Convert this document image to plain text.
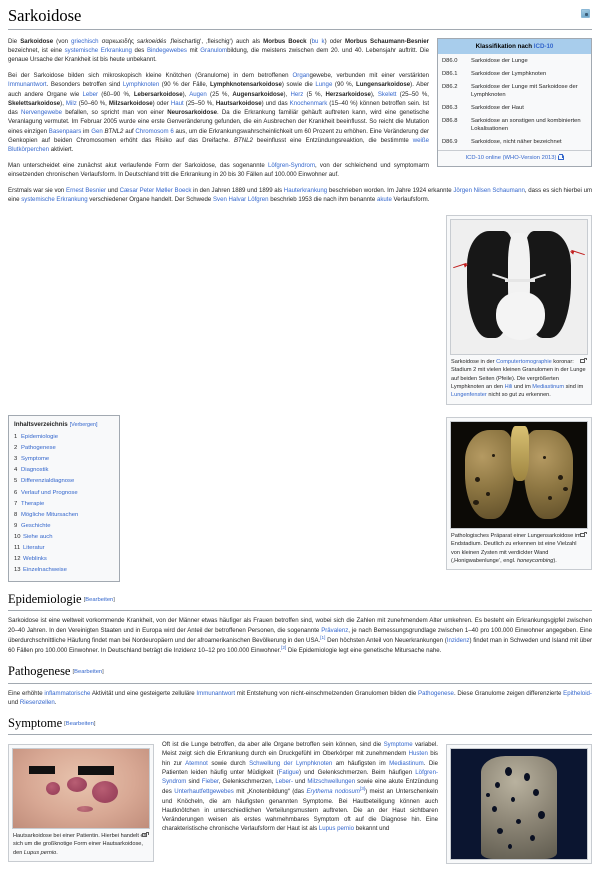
Sarkoidose
Klassifikation nach ICD-10
D86.0	Sarkoidose der Lunge
D86.1	Sarkoidose der Lymphknoten
D86.2	Sarkoidose der Lunge mit Sarkoidose der Lymphknoten
D86.3	Sarkoidose der Haut
D86.8	Sarkoidose an sonstigen und kombinierten Lokalisationen
D86.9	Sarkoidose, nicht näher bezeichnet
ICD-10 online (WHO-Version 2013)

Die Sarkoidose (von griechisch σαρκωειδής sarkoeidés ‚fleischartig‘, ‚fleischig‘) auch als Morbus Boeck (bu k) oder Morbus Schaumann-Besnier bezeichnet, ist eine systemische Erkrankung des Bindegewebes mit Granulombildung, die meistens zwischen dem 20. und 40. Lebensjahr auftritt. Die genaue Ursache der Krankheit ist bis heute unbekannt.

Bei der Sarkoidose bilden sich mikroskopisch kleine Knötchen (Granulome) in dem betroffenen Organgewebe, verbunden mit einer verstärkten Immunantwort. Besonders betroffen sind Lymphknoten (90 % der Fälle, Lymphknotensarkoidose) sowie die Lunge (90 %, Lungensarkoidose). Aber auch andere Organe wie Leber (60–90 %, Lebersarkoidose), Augen (25 %, Augensarkoidose), Herz (5 %, Herzsarkoidose), Skelett (25–50 %, Skelettsarkoidose), Milz (50–60 %, Milzsarkoidose) oder Haut (25–50 %, Hautsarkoidose) und das Knochenmark (15–40 %) können betroffen sein. Ist das Nervengewebe befallen, so spricht man von einer Neurosarkoidose. Da die Erkrankung familiär gehäuft auftreten kann, wird eine genetische Veranlagung vermutet. Im Februar 2005 wurde eine erste Genveränderung gefunden, die ein Ausbrechen der Krankheit beeinflusst. So reicht die Mutation eines einzigen Basenpaars im Gen BTNL2 auf Chromosom 6 aus, um die Erkrankungswahrscheinlichkeit um 60 Prozent zu erhöhen. Eine Veränderung der Genkopien auf beiden Chromosomen erhöht das Risiko auf das Dreifache. BTNL2 beeinflusst eine Entzündungsreaktion, die bestimmte weiße Blutkörperchen aktiviert.

Man unterscheidet eine zunächst akut verlaufende Form der Sarkoidose, das sogenannte Löfgren-Syndrom, von der schleichend und symptomarm einsetzenden chronischen Verlaufsform. In Deutschland tritt die Erkrankung in 20 bis 30 Fällen auf 100.000 Einwohner auf.

Erstmals war sie von Ernest Besnier und Cæsar Peter Møller Boeck in den Jahren 1889 und 1899 als Hauterkrankung beschrieben worden. Im Jahre 1924 erkannte Jörgen Nilsen Schaumann, dass es sich hierbei um eine systemische Erkrankung verschiedener Organe handelt. Der Schwede Sven Halvar Löfgren beschrieb 1953 die nach ihm benannte akute Verlaufsform.

Sarkoidose in der Computertomographie koronar: Stadium 2 mit vielen kleinen Granulomen in der Lunge auf beiden Seiten (Pfeile). Die vergrößerten Lymphknoten an den Hili und im Mediastinum sind im Lungenfenster nicht so gut zu erkennen.
Pathologisches Präparat einer Lungensarkoidose im Endstadium. Deutlich zu erkennen ist eine Vielzahl von kleinen Zysten mit verdickter Wand (‚Honigwabenlunge‘, engl. honeycombing).
Inhaltsverzeichnis [Verbergen]
1 Epidemiologie
2 Pathogenese
3 Symptome
4 Diagnostik
5 Differenzialdiagnose
6 Verlauf und Prognose
7 Therapie
8 Mögliche Mitursachen
9 Geschichte
10 Siehe auch
11 Literatur
12 Weblinks
13 Einzelnachweise
Epidemiologie [Bearbeiten]

Sarkoidose ist eine weltweit vorkommende Krankheit, von der Männer etwas häufiger als Frauen betroffen sind, wobei sich die Zahlen mit zunehmendem Alter umkehren. Es besteht ein Erkrankungsgipfel zwischen 20–40 Jahren. In den Vereinigten Staaten und in Europa wird der Anteil der betroffenen Personen, die sogenannte Prävalenz, je nach Bemessungsgrundlage zwischen 1–40 pro 100.000 Einwohner angegeben. Eine überdurchschnittliche Häufung findet man bei Nordeuropäern und der afroamerikanischen Bevölkerung in den USA.[1] Den höchsten Anteil von Neuerkrankungen (Inzidenz) findet man in Schweden und Island mit über 60 Fällen pro 100.000 Einwohner. In Deutschland beträgt die Inzidenz 10–12 pro 100.000 Einwohner.[2] Die Epidemiologie legt eine genetische Mitursache nahe.

Pathogenese [Bearbeiten]

Eine erhöhte inflammatorische Aktivität und eine gesteigerte zelluläre Immunantwort mit Entstehung von nicht-einschmelzenden Granulomen bilden die Pathogenese. Diese Granulome zeigen differenzierte Epitheloid- und Riesenzellen.

Symptome [Bearbeiten]
Hautsarkoidose bei einer Patientin. Hierbei handelt es sich um die großknotige Form einer Hautsarkoidose, den Lupus pernio.

Oft ist die Lunge betroffen, da aber alle Organe betroffen sein können, sind die Symptome variabel. Meist zeigt sich die Erkrankung durch ein Druckgefühl im Oberkörper mit zunehmendem Husten bis hin zur Atemnot sowie durch Schwellung der Lymphknoten am häufigsten im Mediastinum. Die Patienten leiden häufig unter Müdigkeit (Fatigue) und Gelenkschmerzen. Beim häufigen Löfgren-Syndrom sind Fieber, Gelenkschmerzen, Leber- und Milzschwellungen sowie eine akute Entzündung des Unterhautfettgewebes mit „Knotenbildung“ (das Erythema nodosum[3]) meist an Unterschenkeln und Knöcheln, die am häufigsten genannten Symptome. Bei Hautbeteiligung können auch Hautknötchen in unterschiedlichen Verteilungsmustern auftreten. Die an der Haut sichtbaren Veränderungen weisen als erstes wahrnehmbares Symptom oft auf die Diagnose hin. Eine charakteristische chronische Verlaufsform der Haut ist als Lupus pernio bekannt und
